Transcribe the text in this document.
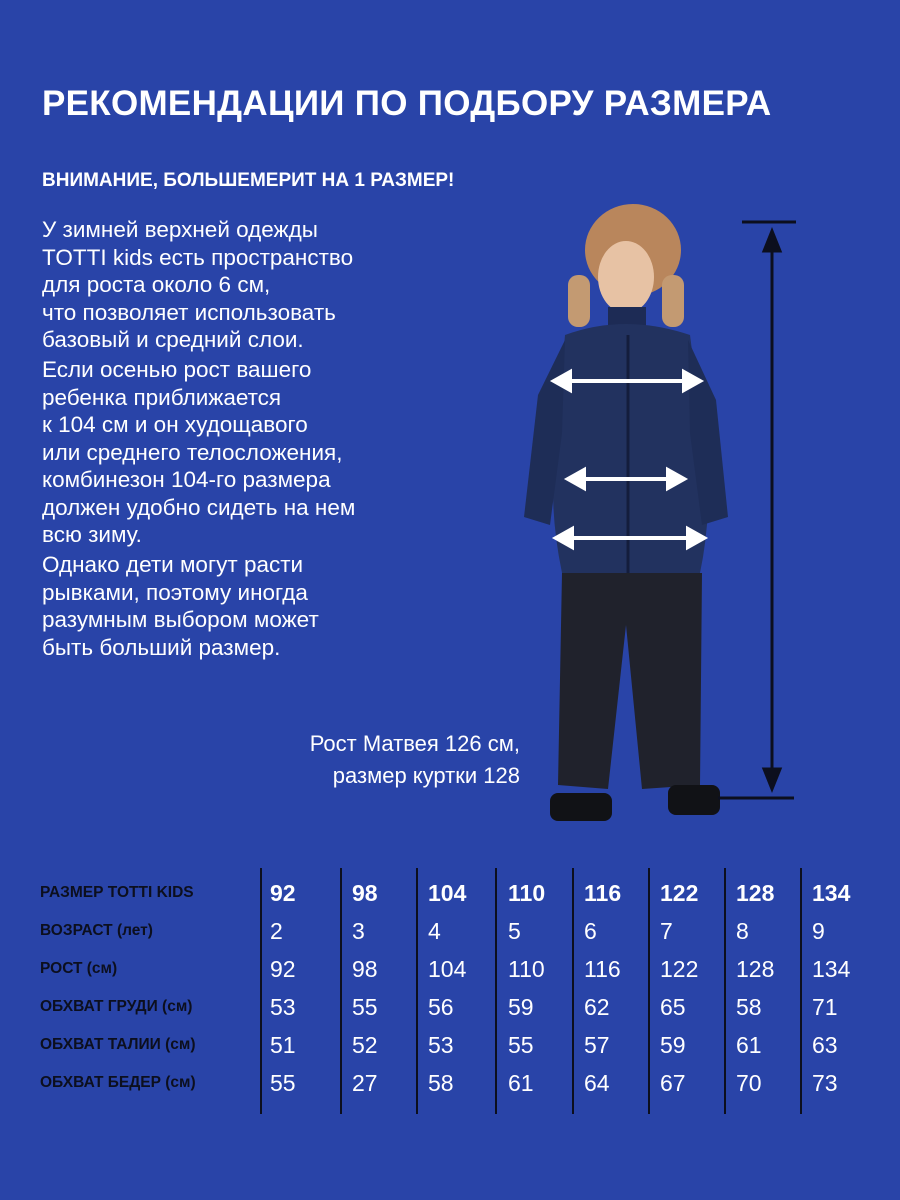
РЕКОМЕНДАЦИИ ПО ПОДБОРУ РАЗМЕРА
ВНИМАНИЕ, БОЛЬШЕМЕРИТ НА 1 РАЗМЕР!
У зимней верхней одежды
TOTTI kids есть пространство
для роста около 6 см,
что позволяет использовать
базовый и средний слои.
Если осенью рост вашего
ребенка приближается
к 104 см и он худощавого
или среднего телосложения,
комбинезон 104-го размера
должен удобно сидеть на нем
всю зиму.
Однако дети могут расти
рывками, поэтому иногда
разумным выбором может
быть больший размер.
Рост Матвея 126 см,
размер куртки 128
РАЗМЕР TOTTI KIDS	92 98 104 110 116 122 128 134
ВОЗРАСТ (лет)	2	3	4	5	6	7	8	9
РОСТ (см)	92 98 104 110 116 122 128 134
ОБХВАТ ГРУДИ (см)	53 55 56 59 62 65 58 71
ОБХВАТ ТАЛИИ (см)	51 52 53 55 57 59 61 63
ОБХВАТ БЕДЕР (см)	55 27 58 61 64 67 70 73
